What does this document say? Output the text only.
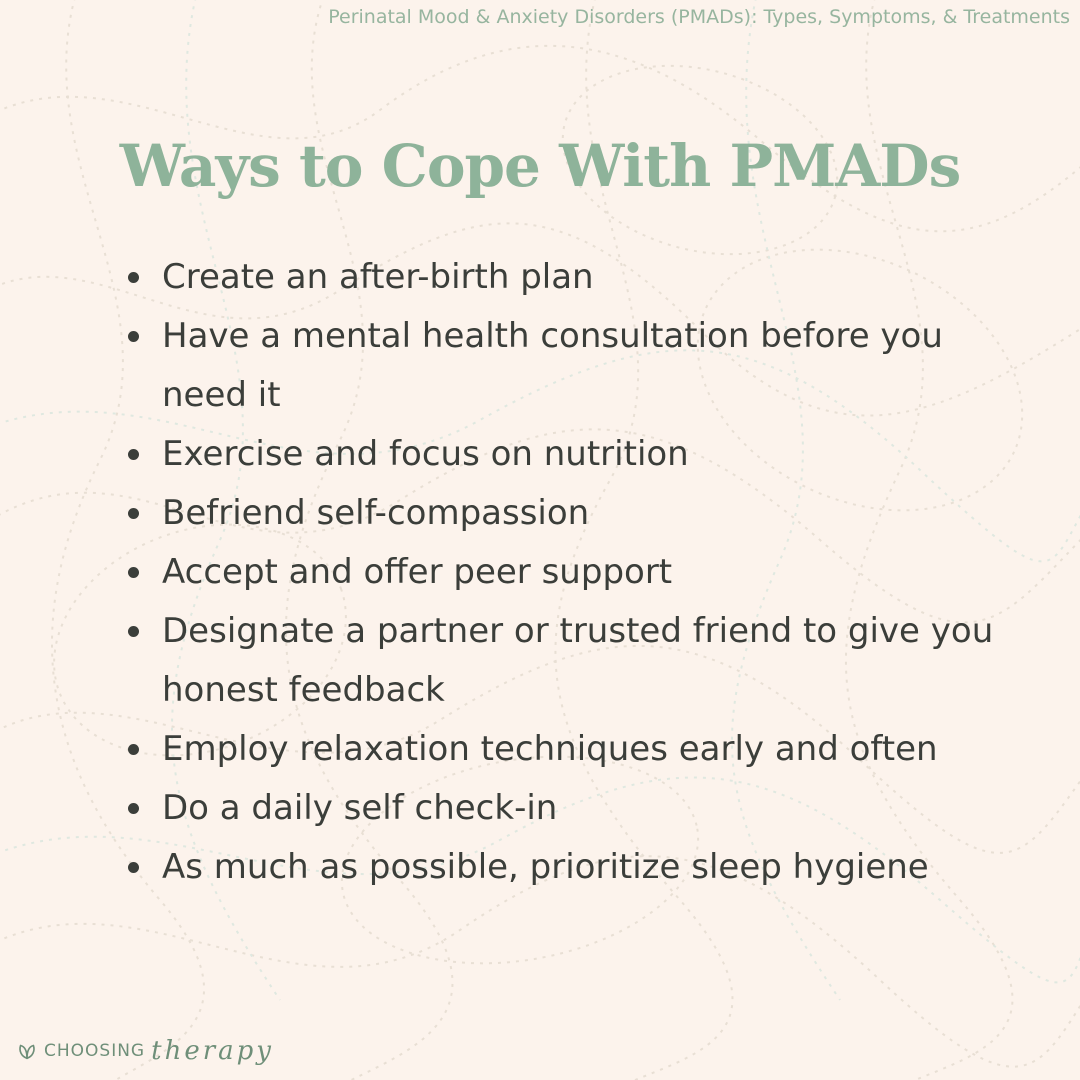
Perinatal Mood & Anxiety Disorders (PMADs): Types, Symptoms, & Treatments
Ways to Cope With PMADs
Create an after-birth plan
Have a mental health consultation before you need it
Exercise and focus on nutrition
Befriend self-compassion
Accept and offer peer support
Designate a partner or trusted friend to give you honest feedback
Employ relaxation techniques early and often
Do a daily self check-in
As much as possible, prioritize sleep hygiene
CHOOSING therapy
